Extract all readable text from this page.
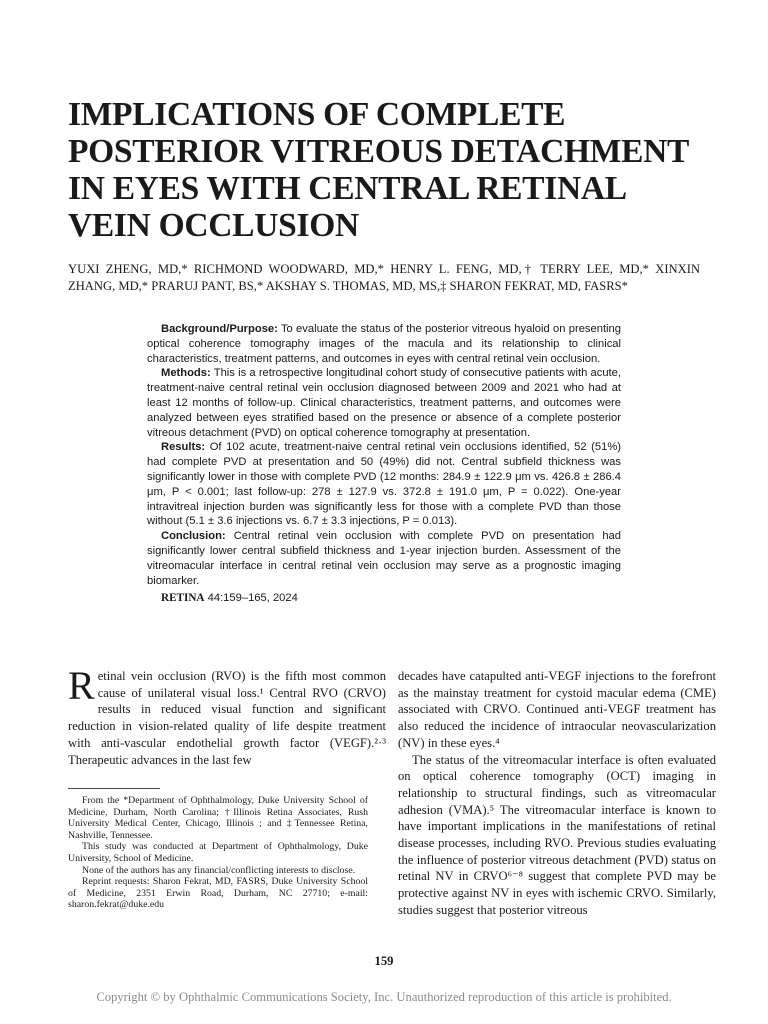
IMPLICATIONS OF COMPLETE POSTERIOR VITREOUS DETACHMENT IN EYES WITH CENTRAL RETINAL VEIN OCCLUSION

YUXI ZHENG, MD,* RICHMOND WOODWARD, MD,* HENRY L. FENG, MD,† TERRY LEE, MD,* XINXIN ZHANG, MD,* PRARUJ PANT, BS,* AKSHAY S. THOMAS, MD, MS,‡ SHARON FEKRAT, MD, FASRS*

Background/Purpose: To evaluate the status of the posterior vitreous hyaloid on presenting optical coherence tomography images of the macula and its relationship to clinical characteristics, treatment patterns, and outcomes in eyes with central retinal vein occlusion.

Methods: This is a retrospective longitudinal cohort study of consecutive patients with acute, treatment-naive central retinal vein occlusion diagnosed between 2009 and 2021 who had at least 12 months of follow-up. Clinical characteristics, treatment patterns, and outcomes were analyzed between eyes stratified based on the presence or absence of a complete posterior vitreous detachment (PVD) on optical coherence tomography at presentation.

Results: Of 102 acute, treatment-naive central retinal vein occlusions identified, 52 (51%) had complete PVD at presentation and 50 (49%) did not. Central subfield thickness was significantly lower in those with complete PVD (12 months: 284.9 ± 122.9 μm vs. 426.8 ± 286.4 μm, P < 0.001; last follow-up: 278 ± 127.9 vs. 372.8 ± 191.0 μm, P = 0.022). One-year intravitreal injection burden was significantly less for those with a complete PVD than those without (5.1 ± 3.6 injections vs. 6.7 ± 3.3 injections, P = 0.013).

Conclusion: Central retinal vein occlusion with complete PVD on presentation had significantly lower central subfield thickness and 1-year injection burden. Assessment of the vitreomacular interface in central retinal vein occlusion may serve as a prognostic imaging biomarker.

RETINA 44:159–165, 2024

Retinal vein occlusion (RVO) is the fifth most common cause of unilateral visual loss.¹ Central RVO (CRVO) results in reduced visual function and significant reduction in vision-related quality of life despite treatment with anti-vascular endothelial growth factor (VEGF).²·³ Therapeutic advances in the last few

decades have catapulted anti-VEGF injections to the forefront as the mainstay treatment for cystoid macular edema (CME) associated with CRVO. Continued anti-VEGF treatment has also reduced the incidence of intraocular neovascularization (NV) in these eyes.⁴

The status of the vitreomacular interface is often evaluated on optical coherence tomography (OCT) imaging in relationship to structural findings, such as vitreomacular adhesion (VMA).⁵ The vitreomacular interface is known to have important implications in the manifestations of retinal disease processes, including RVO. Previous studies evaluating the influence of posterior vitreous detachment (PVD) status on retinal NV in CRVO⁶⁻⁸ suggest that complete PVD may be protective against NV in eyes with ischemic CRVO. Similarly, studies suggest that posterior vitreous

From the *Department of Ophthalmology, Duke University School of Medicine, Durham, North Carolina; †Illinois Retina Associates, Rush University Medical Center, Chicago, Illinois ; and ‡Tennessee Retina, Nashville, Tennessee.

This study was conducted at Department of Ophthalmology, Duke University, School of Medicine.

None of the authors has any financial/conflicting interests to disclose.

Reprint requests: Sharon Fekrat, MD, FASRS, Duke University School of Medicine, 2351 Erwin Road, Durham, NC 27710; e-mail: sharon.fekrat@duke.edu

159
Copyright © by Ophthalmic Communications Society, Inc. Unauthorized reproduction of this article is prohibited.
